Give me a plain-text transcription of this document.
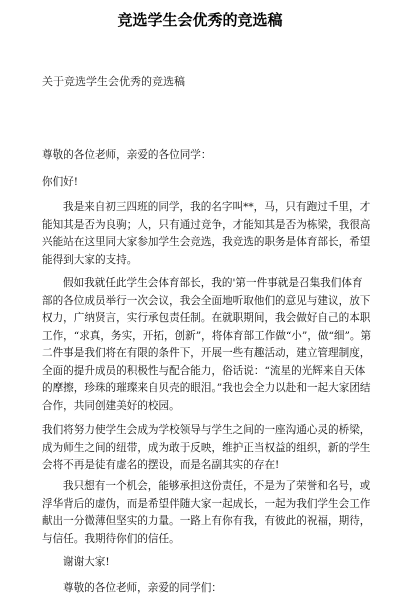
竞选学生会优秀的竞选稿
关于竞选学生会优秀的竞选稿

尊敬的各位老师，亲爱的各位同学：

你们好!

我是来自初三四班的同学，我的名字叫**，马，只有跑过千里，才能知其是否为良驹；人，只有通过竞争，才能知其是否为栋梁，我很高兴能站在这里同大家参加学生会竞选，我竞选的职务是体育部长，希望能得到大家的支持。

假如我就任此学生会体育部长，我的'第一件事就是召集我们体育部的各位成员举行一次会议，我会全面地听取他们的意见与建议，放下权力，广纳贤言，实行承包责任制。在就职期间，我会做好自己的本职工作，“求真，务实，开拓，创新”，将体育部工作做“小”，做“细”。第二件事是我们将在有限的条件下，开展一些有趣活动，建立管理制度，全面的提升成员的积极性与配合能力，俗话说：“流星的光辉来自天体的摩擦，珍珠的璀璨来自贝壳的眼泪。”我也会全力以赴和一起大家团结合作，共同创建美好的校园。

我们将努力使学生会成为学校领导与学生之间的一座沟通心灵的桥梁，成为师生之间的纽带，成为敢于反映，维护正当权益的组织，新的学生会将不再是徒有虚名的摆设，而是名副其实的存在!

我只想有一个机会，能够承担这份责任，不是为了荣誉和名号，或浮华背后的虚伪，而是希望伴随大家一起成长，一起为我们学生会工作献出一分微薄但坚实的力量。一路上有你有我，有彼此的祝福，期待，与信任。我期待你们的信任。

谢谢大家!

尊敬的各位老师，亲爱的同学们：
